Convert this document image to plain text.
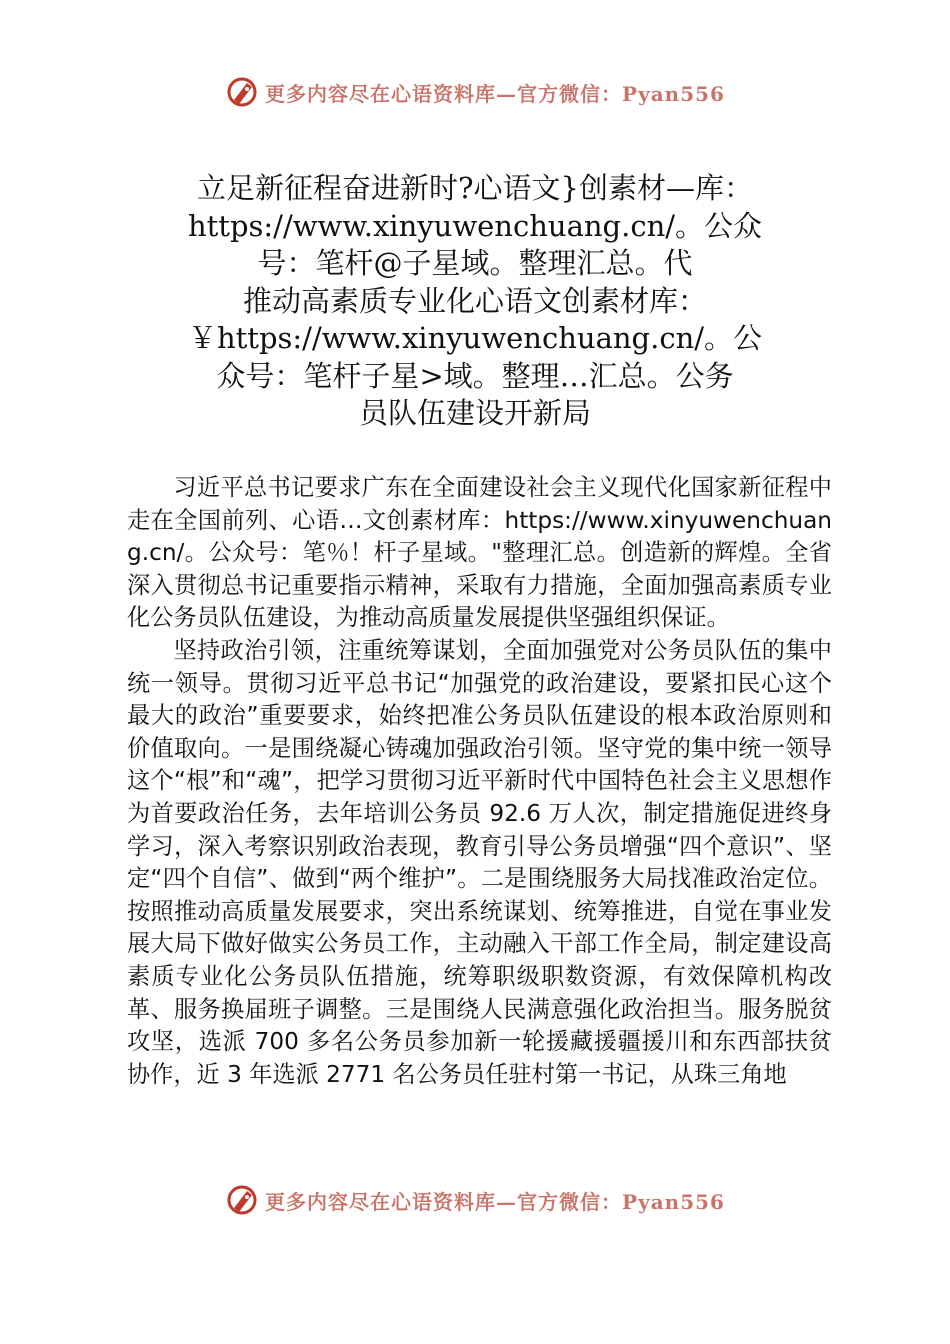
更多内容尽在心语资料库—官方微信：Pyan556
立足新征程奋进新时?心语文}创素材—库：
https://www.xinyuwenchuang.cn/。公众
号：笔杆@子星域。整理汇总。代
推动高素质专业化心语文创素材库：
￥https://www.xinyuwenchuang.cn/。公
众号：笔杆子星>域。整理…汇总。公务
员队伍建设开新局

习近平总书记要求广东在全面建设社会主义现代化国家新征程中走在全国前列、心语…文创素材库：https://www.xinyuwenchuang.cn/。公众号：笔％！杆子星域。"整理汇总。创造新的辉煌。全省深入贯彻总书记重要指示精神，采取有力措施，全面加强高素质专业化公务员队伍建设，为推动高质量发展提供坚强组织保证。

坚持政治引领，注重统筹谋划，全面加强党对公务员队伍的集中统一领导。贯彻习近平总书记“加强党的政治建设，要紧扣民心这个最大的政治”重要要求，始终把准公务员队伍建设的根本政治原则和价值取向。一是围绕凝心铸魂加强政治引领。坚守党的集中统一领导这个“根”和“魂”，把学习贯彻习近平新时代中国特色社会主义思想作为首要政治任务，去年培训公务员 92.6 万人次，制定措施促进终身学习，深入考察识别政治表现，教育引导公务员增强“四个意识”、坚定“四个自信”、做到“两个维护”。二是围绕服务大局找准政治定位。按照推动高质量发展要求，突出系统谋划、统筹推进，自觉在事业发展大局下做好做实公务员工作，主动融入干部工作全局，制定建设高素质专业化公务员队伍措施，统筹职级职数资源，有效保障机构改革、服务换届班子调整。三是围绕人民满意强化政治担当。服务脱贫攻坚，选派 700 多名公务员参加新一轮援藏援疆援川和东西部扶贫协作，近 3 年选派 2771 名公务员任驻村第一书记，从珠三角地

更多内容尽在心语资料库—官方微信：Pyan556
